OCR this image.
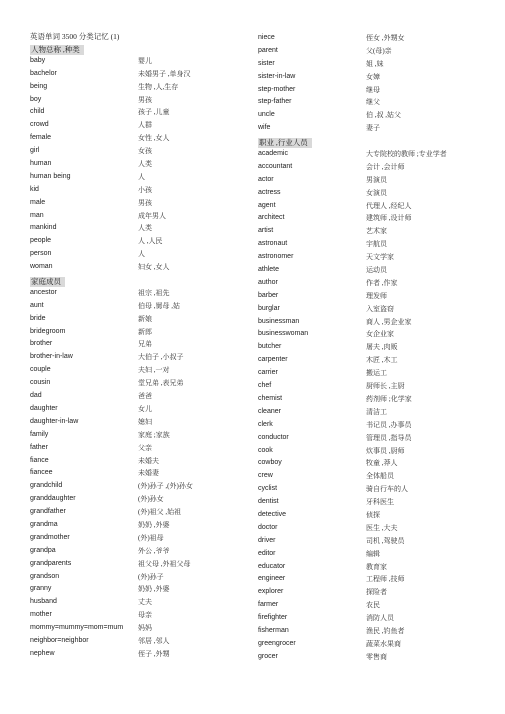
英语单词 3500 分类记忆 (1)
人物总称 ,种类
baby	婴儿
bachelor	未婚男子 ,单身汉
being	生物 ,人,生存
boy	男孩
child	孩子 ,儿童
crowd	人群
female	女性 ,女人
girl	女孩
human	人类
human being	人
kid	小孩
male	男孩
man	成年男人
mankind	人类
people	人 ,人民
person	人
woman	妇女 ,女人
家庭成员
ancestor	祖宗 ,祖先
aunt	伯母 ,舅母 ,姑
bride	新娘
bridegroom	新郎
brother	兄弟
brother-in-law	大伯子 ,小叔子
couple	夫妇 ,一对
cousin	堂兄弟 ,表兄弟
dad	爸爸
daughter	女儿
daughter-in-law	媳妇
family	家庭 ;家族
father	父亲
fiance	未婚夫
fiancee	未婚妻
grandchild	(外)孙子 ,(外)孙女
granddaughter	(外)孙女
grandfather	(外)祖父 ,始祖
grandma	奶奶 ,外婆
grandmother	(外)祖母
grandpa	外公 ,爷爷
grandparents	祖父母 ,外祖父母
grandson	(外)孙子
granny	奶奶 ,外婆
husband	丈夫
mother	母亲
mommy=mummy=mom=mum 妈妈
neighbor=neighbor	邻居 ,邻人
nephew	侄子 ,外甥
niece	侄女 ,外甥女
parent	父(母)亲
sister	姐 ,妹
sister-in-law	女嫜
step-mother	继母
step-father	继父
uncle	伯 ,叔 ,姑父
wife	妻子
职业 ,行业人员
academic	大专院校的教师 ;专业学者
accountant	会计 ,会计师
actor	男演员
actress	女演员
agent	代理人 ,经纪人
architect	建筑师 ,设计师
artist	艺术家
astronaut	宇航员
astronomer	天文学家
athlete	运动员
author	作者 ,作家
barber	理发师
burglar	入室盗窃
businessman	商人 ,男企业家
businesswoman	女企业家
butcher	屠夫 ,肉贩
carpenter	木匠 ,木工
carrier	搬运工
chef	厨师长 ,主厨
chemist	药剂师 ;化学家
cleaner	清洁工
clerk	书记员 ,办事员
conductor	管理员 ,指导员
cook	炊事员 ,厨师
cowboy	牧童 ,莽人
crew	全体船员
cyclist	骑自行车的人
dentist	牙科医生
detective	侦探
doctor	医生 ,大夫
driver	司机 ,驾驶员
editor	编辑
educator	教育家
engineer	工程师 ,技师
explorer	探险者
farmer	农民
firefighter	消防人员
fisherman	渔民 ,钓鱼者
greengrocer	蔬菜水果商
grocer	零售商
